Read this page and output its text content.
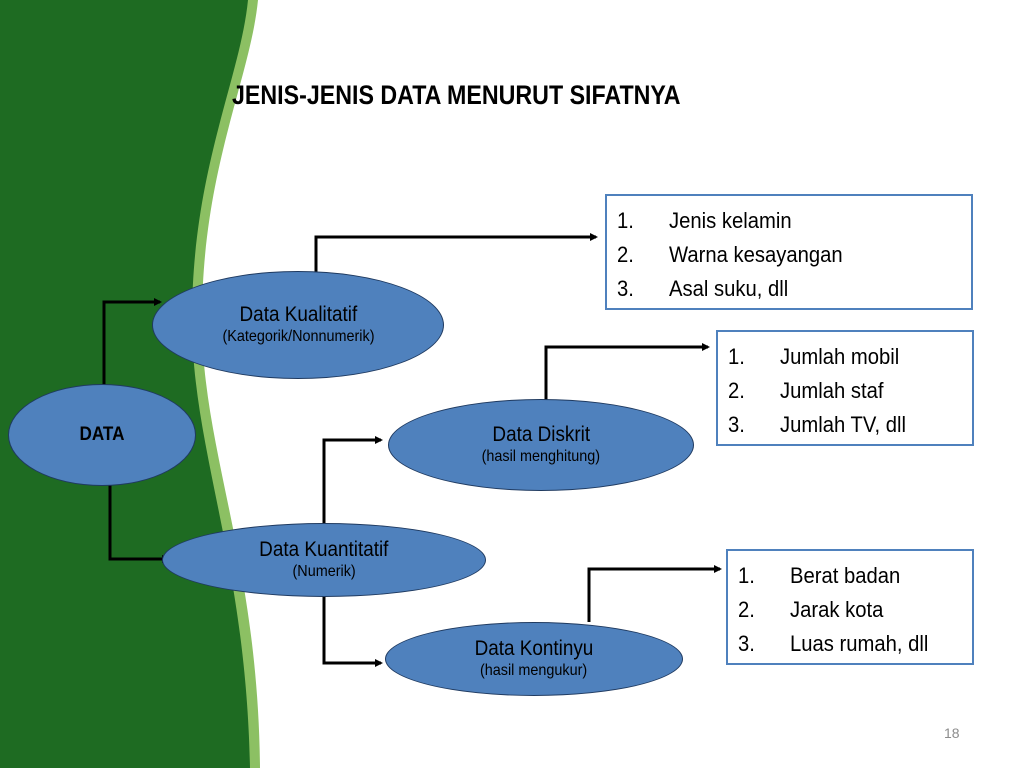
JENIS-JENIS DATA MENURUT SIFATNYA
DATA
Data Kualitatif
(Kategorik/Nonnumerik)
Data Kuantitatif
(Numerik)
Data Diskrit
(hasil menghitung)
Data Kontinyu
(hasil mengukur)
1.	Jenis kelamin
2.	Warna kesayangan
3.	Asal suku, dll
1.	Jumlah mobil
2.	Jumlah staf
3.	Jumlah TV, dll
1.	Berat badan
2.	Jarak kota
3.	Luas rumah, dll
18
